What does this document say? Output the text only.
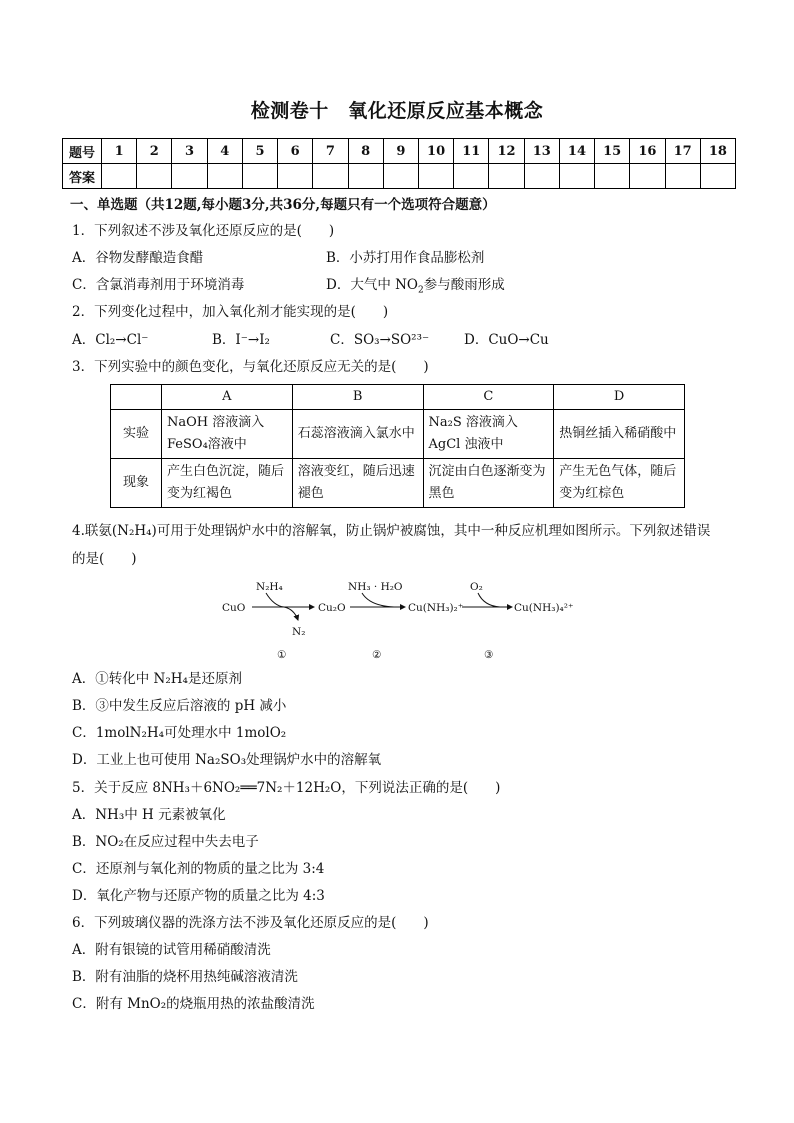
检测卷十　氧化还原反应基本概念
题号	1	2	3	4	5	6	7	8	9	10	11	12	13	14	15	16	17	18
答案																		
一、单选题（共12题,每小题3分,共36分,每题只有一个选项符合题意）
1．下列叙述不涉及氧化还原反应的是(　　)
A．谷物发酵酿造食醋	B．小苏打用作食品膨松剂
C．含氯消毒剂用于环境消毒	D．大气中 $NO_2$参与酸雨形成
2．下列变化过程中，加入氧化剂才能实现的是(　　)
A．Cl₂→Cl⁻	B．I⁻→I₂	C．SO₃→SO²³⁻	D．CuO→Cu
3．下列实验中的颜色变化，与氧化还原反应无关的是(　　)
	A	B	C	D
实验	NaOH 溶液滴入 FeSO₄溶液中	石蕊溶液滴入氯水中	Na₂S 溶液滴入 AgCl 浊液中	热铜丝插入稀硝酸中
现象	产生白色沉淀，随后变为红褐色	溶液变红，随后迅速褪色	沉淀由白色逐渐变为黑色	产生无色气体，随后变为红棕色
4.联氨(N₂H₄)可用于处理锅炉水中的溶解氧，防止锅炉被腐蚀，其中一种反应机理如图所示。下列叙述错误
的是(　　)
CuO
N₂H₄
N₂
Cu₂O
NH₃ · H₂O
Cu(NH₃)₂⁺
O₂
Cu(NH₃)₄²⁺
①	②	③
A．①转化中 N₂H₄是还原剂
B．③中发生反应后溶液的 pH 减小
C．1molN₂H₄可处理水中 1molO₂
D．工业上也可使用 Na₂SO₃处理锅炉水中的溶解氧
5．关于反应 8NH₃＋6NO₂══7N₂＋12H₂O，下列说法正确的是(　　)
A．NH₃中 H 元素被氧化
B．NO₂在反应过程中失去电子
C．还原剂与氧化剂的物质的量之比为 3:4
D．氧化产物与还原产物的质量之比为 4:3
6．下列玻璃仪器的洗涤方法不涉及氧化还原反应的是(　　)
A．附有银镜的试管用稀硝酸清洗
B．附有油脂的烧杯用热纯碱溶液清洗
C．附有 MnO₂的烧瓶用热的浓盐酸清洗
